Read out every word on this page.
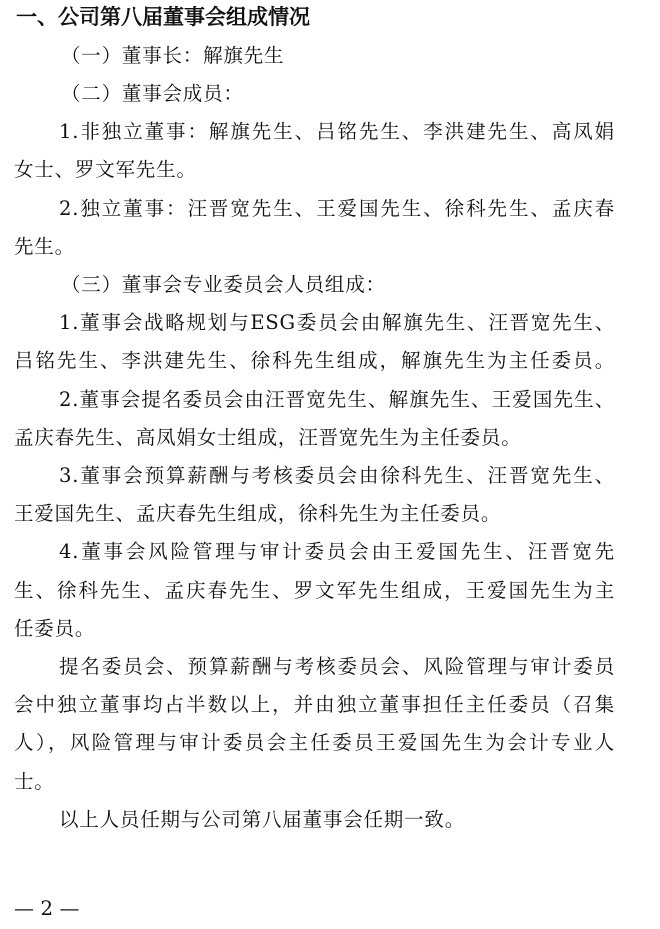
一、公司第八届董事会组成情况
（一）董事长：解旗先生
（二）董事会成员：
1.非独立董事：解旗先生、吕铭先生、李洪建先生、高凤娟
女士、罗文军先生。
2.独立董事：汪晋宽先生、王爱国先生、徐科先生、孟庆春
先生。
（三）董事会专业委员会人员组成：
1.董事会战略规划与ESG委员会由解旗先生、汪晋宽先生、
吕铭先生、李洪建先生、徐科先生组成，解旗先生为主任委员。
2.董事会提名委员会由汪晋宽先生、解旗先生、王爱国先生、
孟庆春先生、高凤娟女士组成，汪晋宽先生为主任委员。
3.董事会预算薪酬与考核委员会由徐科先生、汪晋宽先生、
王爱国先生、孟庆春先生组成，徐科先生为主任委员。
4.董事会风险管理与审计委员会由王爱国先生、汪晋宽先
生、徐科先生、孟庆春先生、罗文军先生组成，王爱国先生为主
任委员。
提名委员会、预算薪酬与考核委员会、风险管理与审计委员
会中独立董事均占半数以上，并由独立董事担任主任委员（召集
人），风险管理与审计委员会主任委员王爱国先生为会计专业人
士。
以上人员任期与公司第八届董事会任期一致。
— 2 —
